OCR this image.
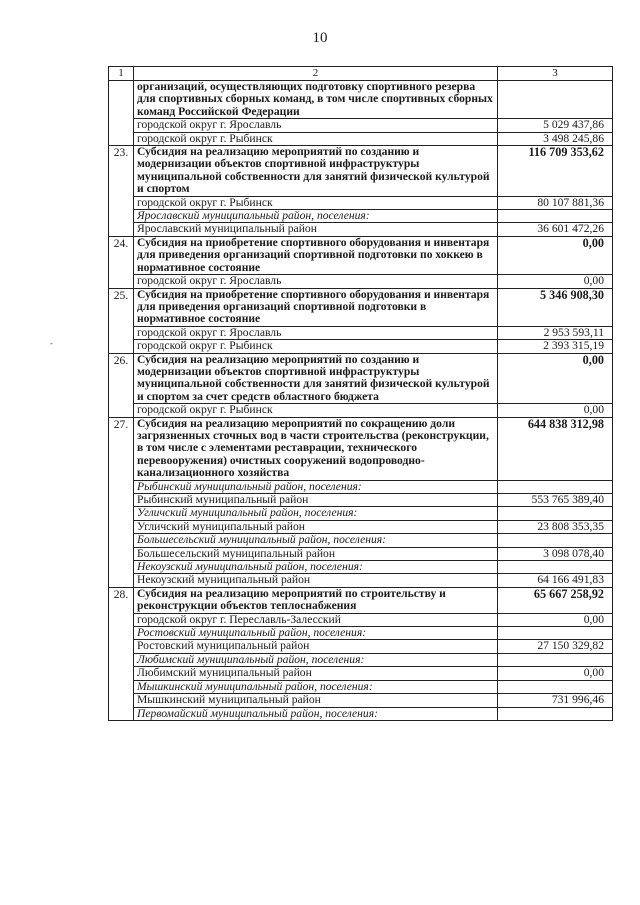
10
-
1	2	3
	организаций, осуществляющих подготовку спортивного резерва для спортивных сборных команд, в том числе спортивных сборных команд Российской Федерации	
	городской округ г. Ярославль	5 029 437,86
	городской округ г. Рыбинск	3 498 245,86
23.	Субсидия на реализацию мероприятий по созданию и модернизации объектов спортивной инфраструктуры муниципальной собственности для занятий физической культурой и спортом	116 709 353,62
	городской округ г. Рыбинск	80 107 881,36
	Ярославский муниципальный район, поселения:	
	Ярославский муниципальный район	36 601 472,26
24.	Субсидия на приобретение спортивного оборудования и инвентаря для приведения организаций спортивной подготовки по хоккею в нормативное состояние	0,00
	городской округ г. Ярославль	0,00
25.	Субсидия на приобретение спортивного оборудования и инвентаря для приведения организаций спортивной подготовки в нормативное состояние	5 346 908,30
	городской округ г. Ярославль	2 953 593,11
	городской округ г. Рыбинск	2 393 315,19
26.	Субсидия на реализацию мероприятий по созданию и модернизации объектов спортивной инфраструктуры муниципальной собственности для занятий физической культурой и спортом за счет средств областного бюджета	0,00
	городской округ г. Рыбинск	0,00
27.	Субсидия на реализацию мероприятий по сокращению доли загрязненных сточных вод в части строительства (реконструкции, в том числе с элементами реставрации, технического перевооружения) очистных сооружений водопроводно-канализационного хозяйства	644 838 312,98
	Рыбинский муниципальный район, поселения:	
	Рыбинский муниципальный район	553 765 389,40
	Угличский муниципальный район, поселения:	
	Угличский муниципальный район	23 808 353,35
	Большесельский муниципальный район, поселения:	
	Большесельский муниципальный район	3 098 078,40
	Некоузский муниципальный район, поселения:	
	Некоузский муниципальный район	64 166 491,83
28.	Субсидия на реализацию мероприятий по строительству и реконструкции объектов теплоснабжения	65 667 258,92
	городской округ г. Переславль-Залесский	0,00
	Ростовский муниципальный район, поселения:	
	Ростовский муниципальный район	27 150 329,82
	Любимский муниципальный район, поселения:	
	Любимский муниципальный район	0,00
	Мышкинский муниципальный район, поселения:	
	Мышкинский муниципальный район	731 996,46
	Первомайский муниципальный район, поселения:	
